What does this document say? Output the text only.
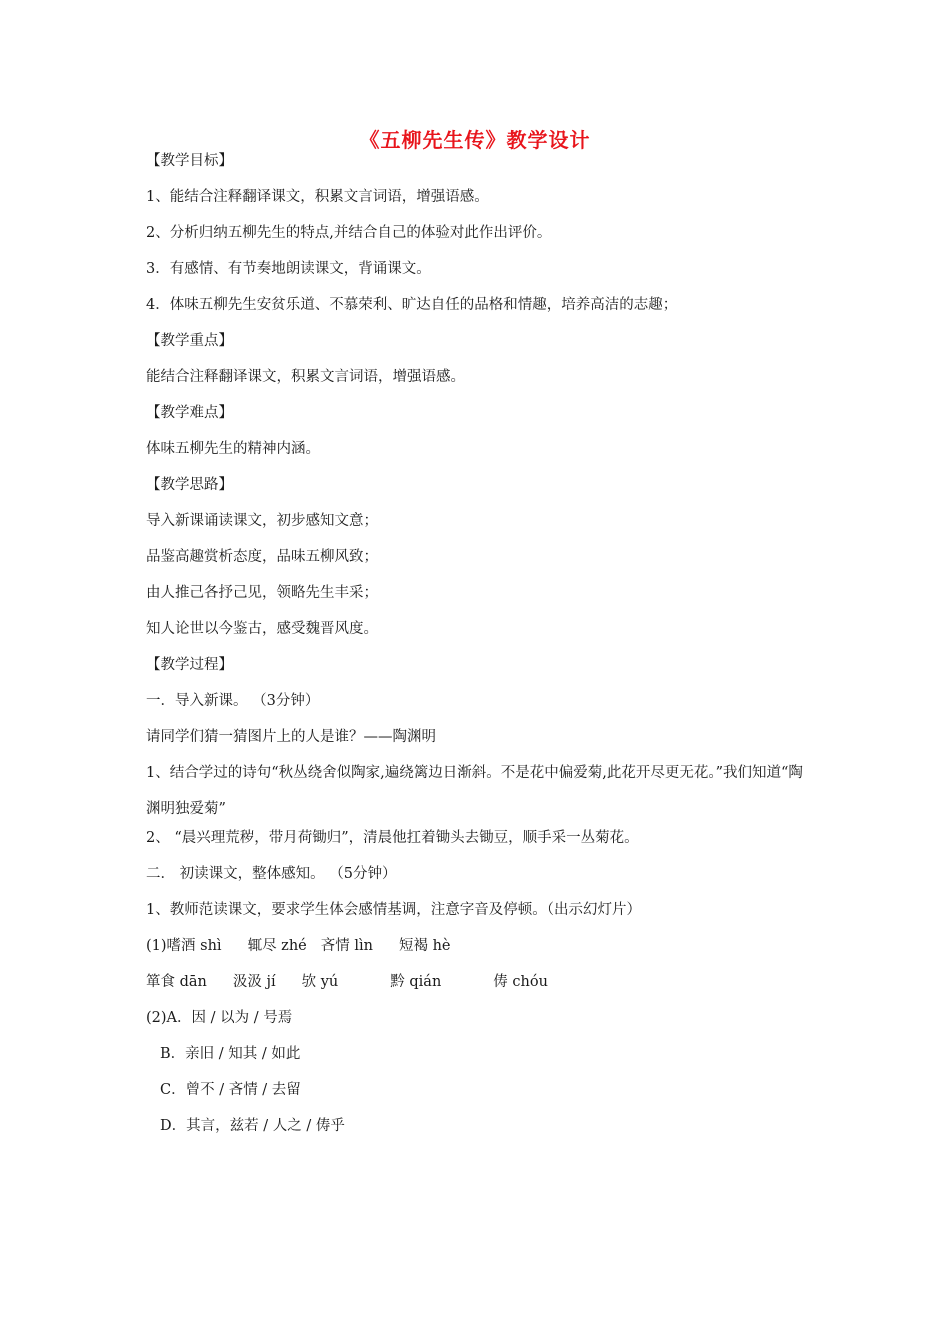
《五柳先生传》教学设计
【教学目标】
1、能结合注释翻译课文，积累文言词语，增强语感。
2、分析归纳五柳先生的特点,并结合自己的体验对此作出评价。
3．有感情、有节奏地朗读课文，背诵课文。
4．体味五柳先生安贫乐道、不慕荣利、旷达自任的品格和情趣，培养高洁的志趣；
【教学重点】
能结合注释翻译课文，积累文言词语，增强语感。
【教学难点】
体味五柳先生的精神内涵。
【教学思路】
导入新课诵读课文，初步感知文意；
品鉴高趣赏析态度，品味五柳风致；
由人推己各抒己见，领略先生丰采；
知人论世以今鉴古，感受魏晋风度。
【教学过程】
一．导入新课。 （3分钟）
请同学们猜一猜图片上的人是谁？——陶渊明
1、结合学过的诗句“秋丛绕舍似陶家,遍绕篱边日渐斜。不是花中偏爱菊,此花开尽更无花。”我们知道“陶渊明独爱菊”
2、 “晨兴理荒秽，带月荷锄归”，清晨他扛着锄头去锄豆，顺手采一丛菊花。
二． 初读课文，整体感知。 （5分钟）
1、教师范读课文，要求学生体会感情基调，注意字音及停顿。（出示幻灯片）
(1)嗜酒 shì 辄尽 zhé 吝情 lìn 短褐 hè
箪食 dān 汲汲 jí 欤 yú	黔 qián	俦 chóu
(2)A．因 / 以为 / 号焉
B．亲旧 / 知其 / 如此
C．曾不 / 吝情 / 去留
D．其言，兹若 / 人之 / 俦乎
